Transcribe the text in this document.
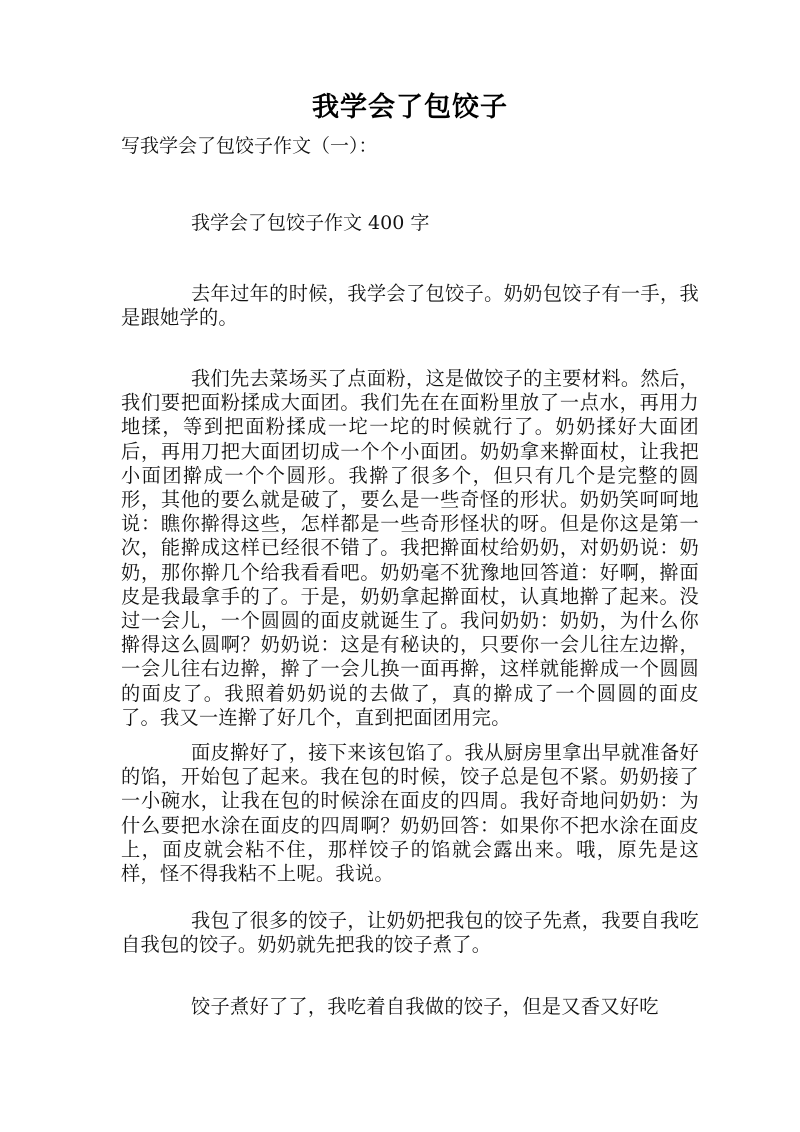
我学会了包饺子

写我学会了包饺子作文（一）：

我学会了包饺子作文 400 字

去年过年的时候，我学会了包饺子。奶奶包饺子有一手，我是跟她学的。

我们先去菜场买了点面粉，这是做饺子的主要材料。然后，我们要把面粉揉成大面团。我们先在在面粉里放了一点水，再用力地揉，等到把面粉揉成一坨一坨的时候就行了。奶奶揉好大面团后，再用刀把大面团切成一个个小面团。奶奶拿来擀面杖，让我把小面团擀成一个个圆形。我擀了很多个，但只有几个是完整的圆形，其他的要么就是破了，要么是一些奇怪的形状。奶奶笑呵呵地说：瞧你擀得这些，怎样都是一些奇形怪状的呀。但是你这是第一次，能擀成这样已经很不错了。我把擀面杖给奶奶，对奶奶说：奶奶，那你擀几个给我看看吧。奶奶毫不犹豫地回答道：好啊，擀面皮是我最拿手的了。于是，奶奶拿起擀面杖，认真地擀了起来。没过一会儿，一个圆圆的面皮就诞生了。我问奶奶：奶奶，为什么你擀得这么圆啊？奶奶说：这是有秘诀的，只要你一会儿往左边擀，一会儿往右边擀，擀了一会儿换一面再擀，这样就能擀成一个圆圆的面皮了。我照着奶奶说的去做了，真的擀成了一个圆圆的面皮了。我又一连擀了好几个，直到把面团用完。

面皮擀好了，接下来该包馅了。我从厨房里拿出早就准备好的馅，开始包了起来。我在包的时候，饺子总是包不紧。奶奶接了一小碗水，让我在包的时候涂在面皮的四周。我好奇地问奶奶：为什么要把水涂在面皮的四周啊？奶奶回答：如果你不把水涂在面皮上，面皮就会粘不住，那样饺子的馅就会露出来。哦，原先是这样，怪不得我粘不上呢。我说。

我包了很多的饺子，让奶奶把我包的饺子先煮，我要自我吃自我包的饺子。奶奶就先把我的饺子煮了。

饺子煮好了了，我吃着自我做的饺子，但是又香又好吃
